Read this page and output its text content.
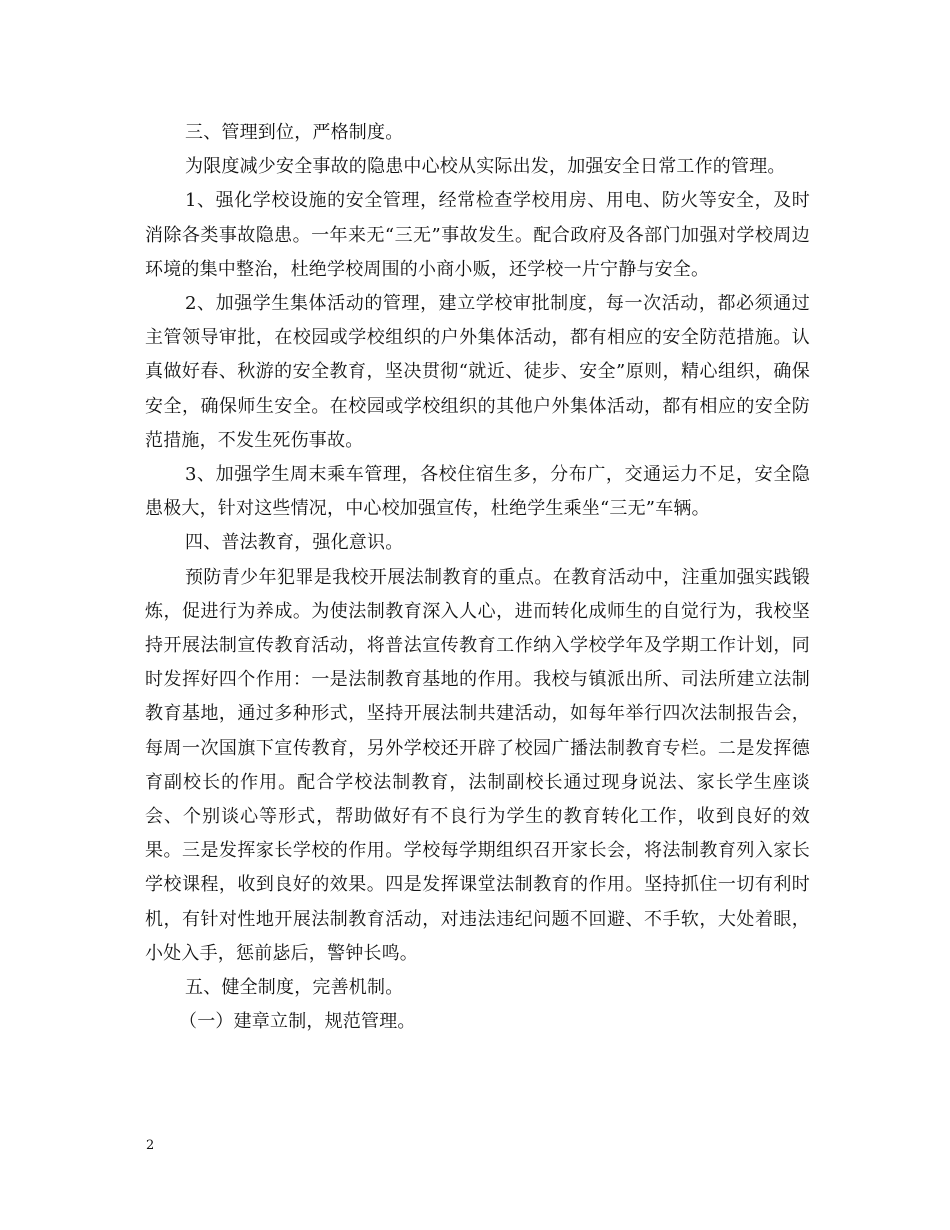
三、管理到位，严格制度。

为限度减少安全事故的隐患中心校从实际出发，加强安全日常工作的管理。

1、强化学校设施的安全管理，经常检查学校用房、用电、防火等安全，及时消除各类事故隐患。一年来无“三无”事故发生。配合政府及各部门加强对学校周边环境的集中整治，杜绝学校周围的小商小贩，还学校一片宁静与安全。

2、加强学生集体活动的管理，建立学校审批制度，每一次活动，都必须通过主管领导审批，在校园或学校组织的户外集体活动，都有相应的安全防范措施。认真做好春、秋游的安全教育，坚决贯彻“就近、徒步、安全”原则，精心组织，确保安全，确保师生安全。在校园或学校组织的其他户外集体活动，都有相应的安全防范措施，不发生死伤事故。

3、加强学生周末乘车管理，各校住宿生多，分布广，交通运力不足，安全隐患极大，针对这些情况，中心校加强宣传，杜绝学生乘坐“三无”车辆。

四、普法教育，强化意识。

预防青少年犯罪是我校开展法制教育的重点。在教育活动中，注重加强实践锻炼，促进行为养成。为使法制教育深入人心，进而转化成师生的自觉行为，我校坚持开展法制宣传教育活动，将普法宣传教育工作纳入学校学年及学期工作计划，同时发挥好四个作用：一是法制教育基地的作用。我校与镇派出所、司法所建立法制教育基地，通过多种形式，坚持开展法制共建活动，如每年举行四次法制报告会，每周一次国旗下宣传教育，另外学校还开辟了校园广播法制教育专栏。二是发挥德育副校长的作用。配合学校法制教育，法制副校长通过现身说法、家长学生座谈会、个别谈心等形式，帮助做好有不良行为学生的教育转化工作，收到良好的效果。三是发挥家长学校的作用。学校每学期组织召开家长会，将法制教育列入家长学校课程，收到良好的效果。四是发挥课堂法制教育的作用。坚持抓住一切有利时机，有针对性地开展法制教育活动，对违法违纪问题不回避、不手软，大处着眼，小处入手，惩前毖后，警钟长鸣。

五、健全制度，完善机制。

（一）建章立制，规范管理。

2
